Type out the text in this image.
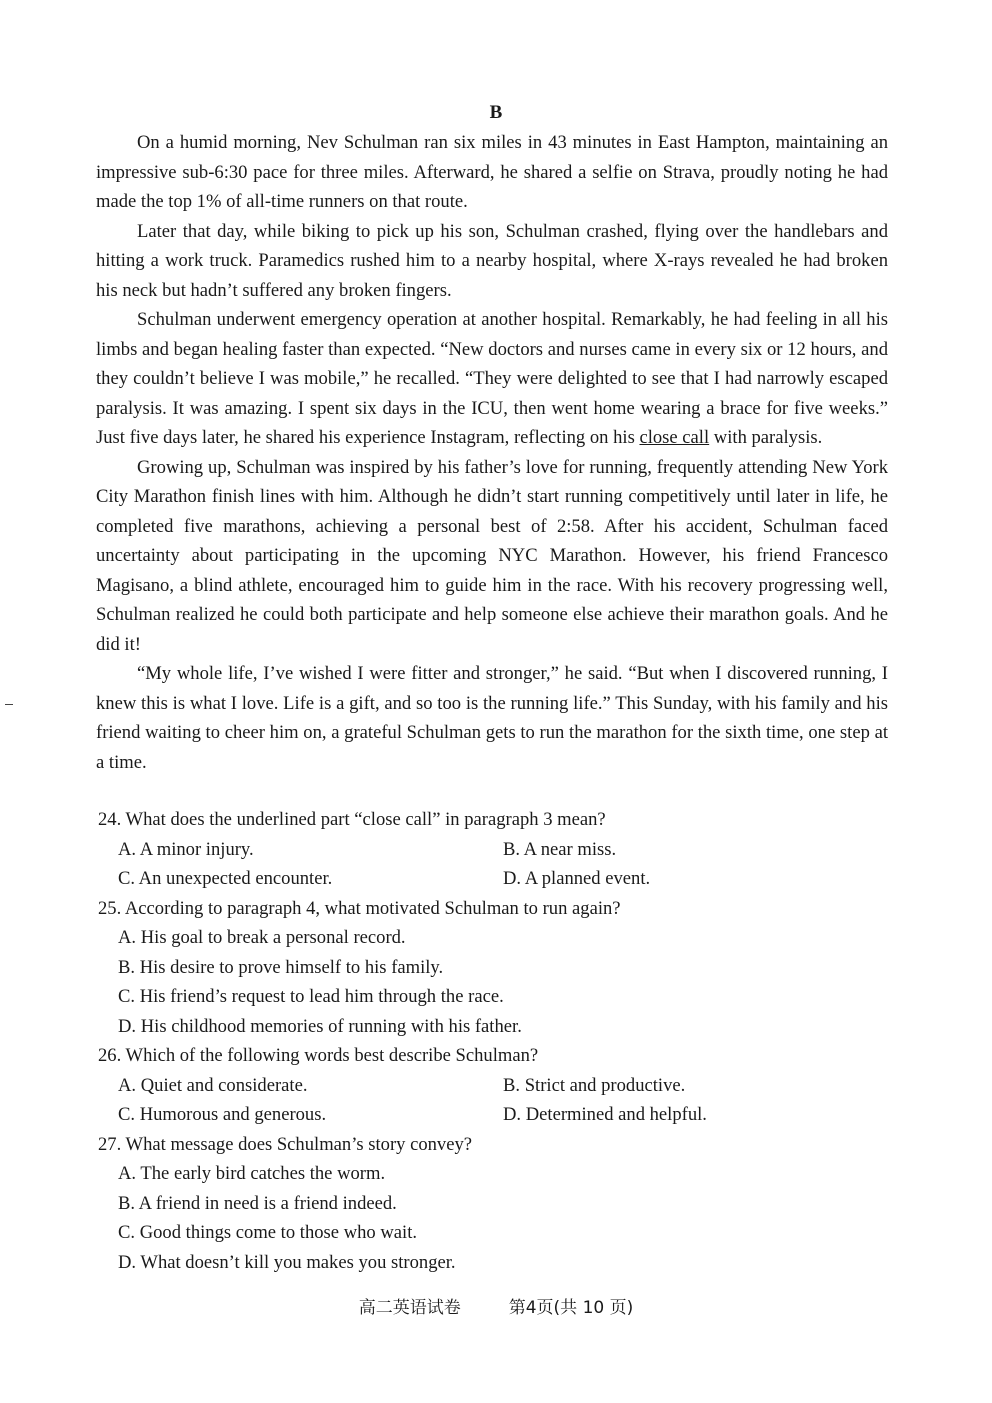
B

On a humid morning, Nev Schulman ran six miles in 43 minutes in East Hampton, maintaining an impressive sub-6:30 pace for three miles. Afterward, he shared a selfie on Strava, proudly noting he had made the top 1% of all-time runners on that route.

Later that day, while biking to pick up his son, Schulman crashed, flying over the handlebars and hitting a work truck. Paramedics rushed him to a nearby hospital, where X-rays revealed he had broken his neck but hadn’t suffered any broken fingers.

Schulman underwent emergency operation at another hospital. Remarkably, he had feeling in all his limbs and began healing faster than expected. “New doctors and nurses came in every six or 12 hours, and they couldn’t believe I was mobile,” he recalled. “They were delighted to see that I had narrowly escaped paralysis. It was amazing. I spent six days in the ICU, then went home wearing a brace for five weeks.” Just five days later, he shared his experience Instagram, reflecting on his close call with paralysis.

Growing up, Schulman was inspired by his father’s love for running, frequently attending New York City Marathon finish lines with him. Although he didn’t start running competitively until later in life, he completed five marathons, achieving a personal best of 2:58. After his accident, Schulman faced uncertainty about participating in the upcoming NYC Marathon. However, his friend Francesco Magisano, a blind athlete, encouraged him to guide him in the race. With his recovery progressing well, Schulman realized he could both participate and help someone else achieve their marathon goals. And he did it!

“My whole life, I’ve wished I were fitter and stronger,” he said. “But when I discovered running, I knew this is what I love. Life is a gift, and so too is the running life.” This Sunday, with his family and his friend waiting to cheer him on, a grateful Schulman gets to run the marathon for the sixth time, one step at a time.

24. What does the underlined part “close call” in paragraph 3 mean?
A. A minor injury.	B. A near miss.
C. An unexpected encounter.	D. A planned event.
25. According to paragraph 4, what motivated Schulman to run again?
A. His goal to break a personal record.
B. His desire to prove himself to his family.
C. His friend’s request to lead him through the race.
D. His childhood memories of running with his father.
26. Which of the following words best describe Schulman?
A. Quiet and considerate.	B. Strict and productive.
C. Humorous and generous.	D. Determined and helpful.
27. What message does Schulman’s story convey?
A. The early bird catches the worm.
B. A friend in need is a friend indeed.
C. Good things come to those who wait.
D. What doesn’t kill you makes you stronger.
高二英语试卷	第4页(共 10 页)
